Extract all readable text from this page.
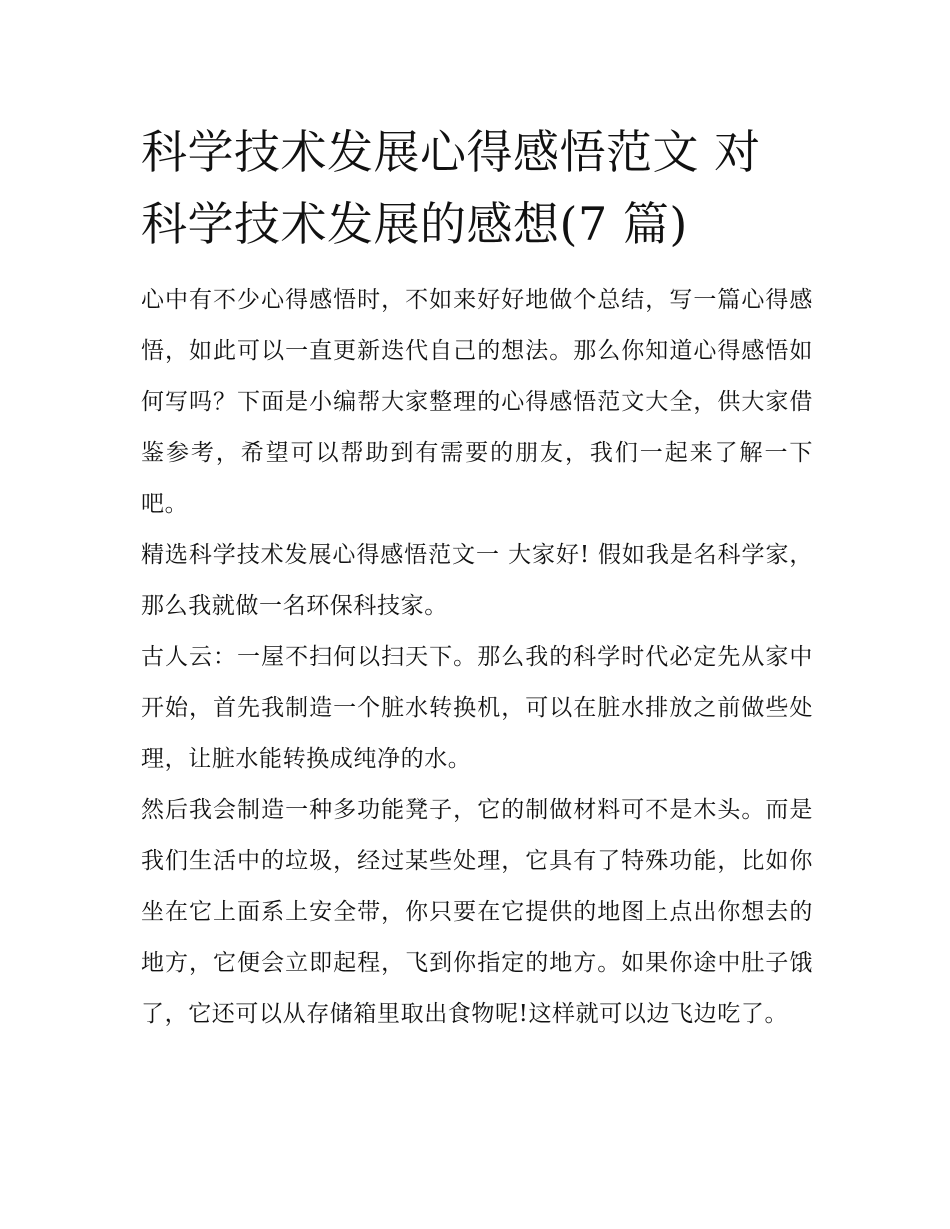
科学技术发展心得感悟范文 对
科学技术发展的感想(7 篇)

心中有不少心得感悟时，不如来好好地做个总结，写一篇心得感悟，如此可以一直更新迭代自己的想法。那么你知道心得感悟如何写吗？下面是小编帮大家整理的心得感悟范文大全，供大家借鉴参考，希望可以帮助到有需要的朋友，我们一起来了解一下吧。

精选科学技术发展心得感悟范文一 大家好! 假如我是名科学家，那么我就做一名环保科技家。

古人云：一屋不扫何以扫天下。那么我的科学时代必定先从家中开始，首先我制造一个脏水转换机，可以在脏水排放之前做些处理，让脏水能转换成纯净的水。

然后我会制造一种多功能凳子，它的制做材料可不是木头。而是我们生活中的垃圾，经过某些处理，它具有了特殊功能，比如你坐在它上面系上安全带，你只要在它提供的地图上点出你想去的地方，它便会立即起程，飞到你指定的地方。如果你途中肚子饿了，它还可以从存储箱里取出食物呢!这样就可以边飞边吃了。
